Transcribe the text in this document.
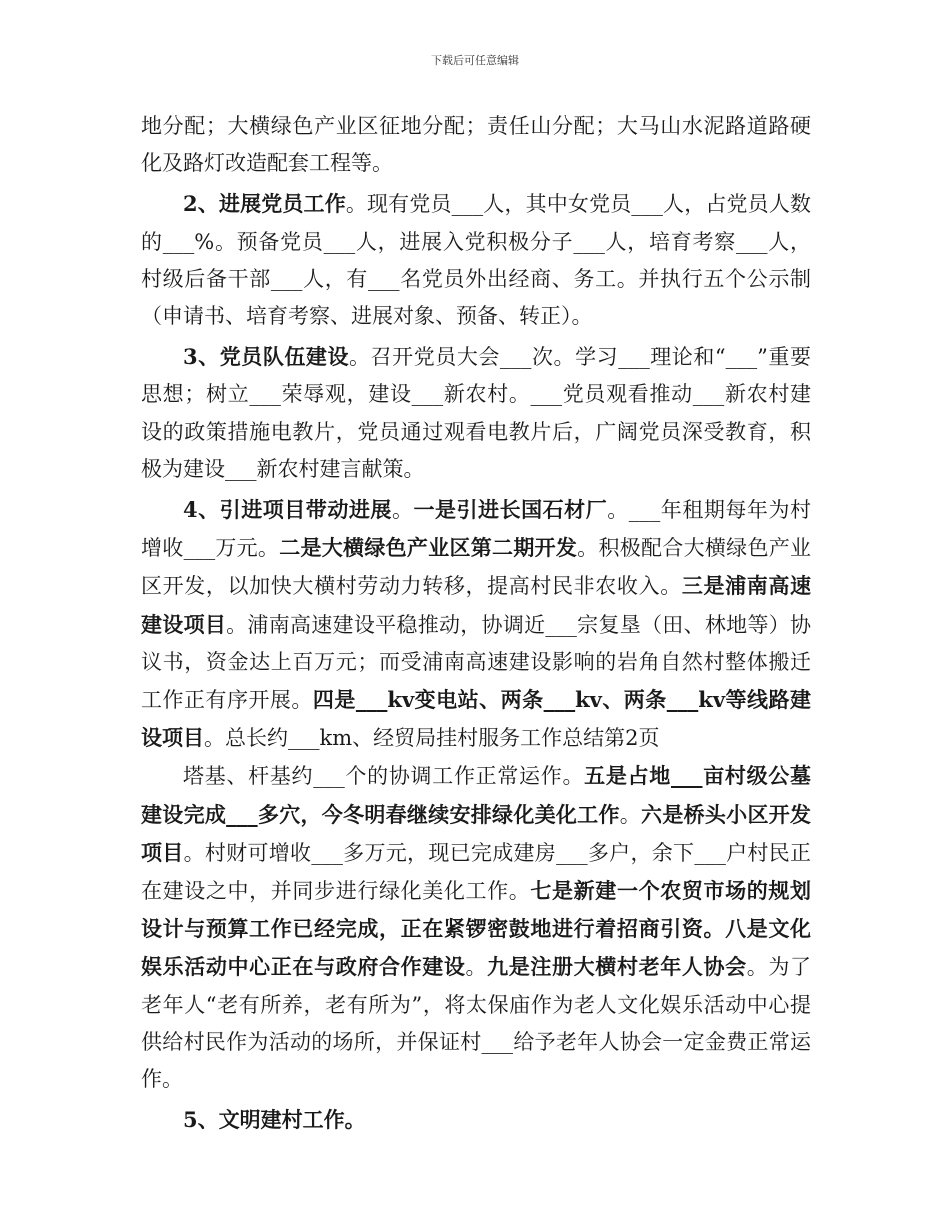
下载后可任意编辑

地分配；大横绿色产业区征地分配；责任山分配；大马山水泥路道路硬化及路灯改造配套工程等。

2、进展党员工作。现有党员___人，其中女党员___人，占党员人数的___%。预备党员___人，进展入党积极分子___人，培育考察___人，村级后备干部___人，有___名党员外出经商、务工。并执行五个公示制（申请书、培育考察、进展对象、预备、转正）。

3、党员队伍建设。召开党员大会___次。学习___理论和“___”重要思想；树立___荣辱观，建设___新农村。___党员观看推动___新农村建设的政策措施电教片，党员通过观看电教片后，广阔党员深受教育，积极为建设___新农村建言献策。

4、引进项目带动进展。一是引进长国石材厂。___年租期每年为村增收___万元。二是大横绿色产业区第二期开发。积极配合大横绿色产业区开发，以加快大横村劳动力转移，提高村民非农收入。三是浦南高速建设项目。浦南高速建设平稳推动，协调近___宗复垦（田、林地等）协议书，资金达上百万元；而受浦南高速建设影响的岩角自然村整体搬迁工作正有序开展。四是___kv变电站、两条___kv、两条___kv等线路建设项目。总长约___km、经贸局挂村服务工作总结第2页

塔基、杆基约___个的协调工作正常运作。五是占地___亩村级公墓建设完成___多穴，今冬明春继续安排绿化美化工作。六是桥头小区开发项目。村财可增收___多万元，现已完成建房___多户，余下___户村民正在建设之中，并同步进行绿化美化工作。七是新建一个农贸市场的规划设计与预算工作已经完成，正在紧锣密鼓地进行着招商引资。八是文化娱乐活动中心正在与政府合作建设。九是注册大横村老年人协会。为了老年人“老有所养，老有所为”，将太保庙作为老人文化娱乐活动中心提供给村民作为活动的场所，并保证村___给予老年人协会一定金费正常运作。

5、文明建村工作。
